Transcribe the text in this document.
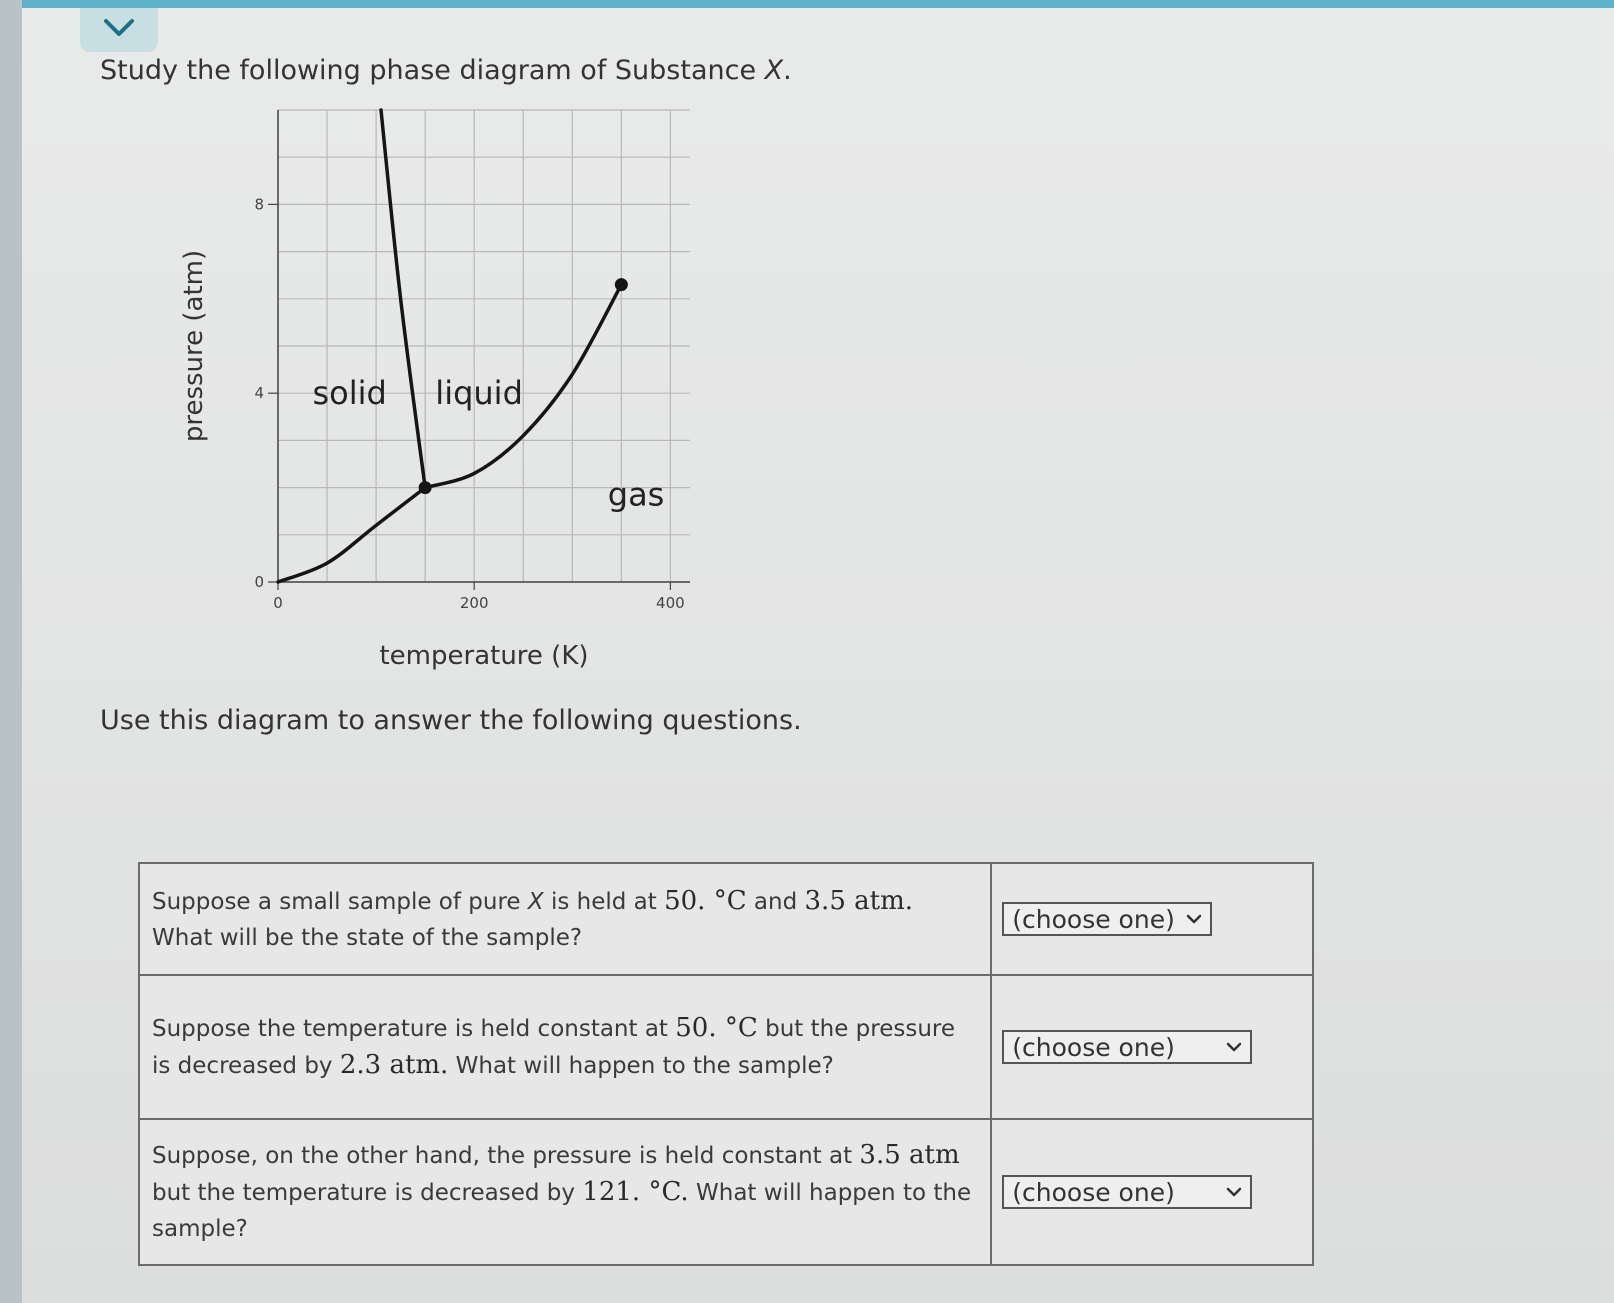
Study the following phase diagram of Substance X.
0	200	400
0
4
8
temperature (K)
pressure (atm)	solid liquid
gas
Use this diagram to answer the following questions.
Suppose a small sample of pure X is held at 50. °C and 3.5 atm.
What will be the state of the sample?	(choose one)

Suppose the temperature is held constant at 50. °C but the pressure is decreased by 2.3 atm. What will happen to the sample?	(choose one)

Suppose, on the other hand, the pressure is held constant at 3.5 atm but the temperature is decreased by 121. °C. What will happen to the sample?	(choose one)
